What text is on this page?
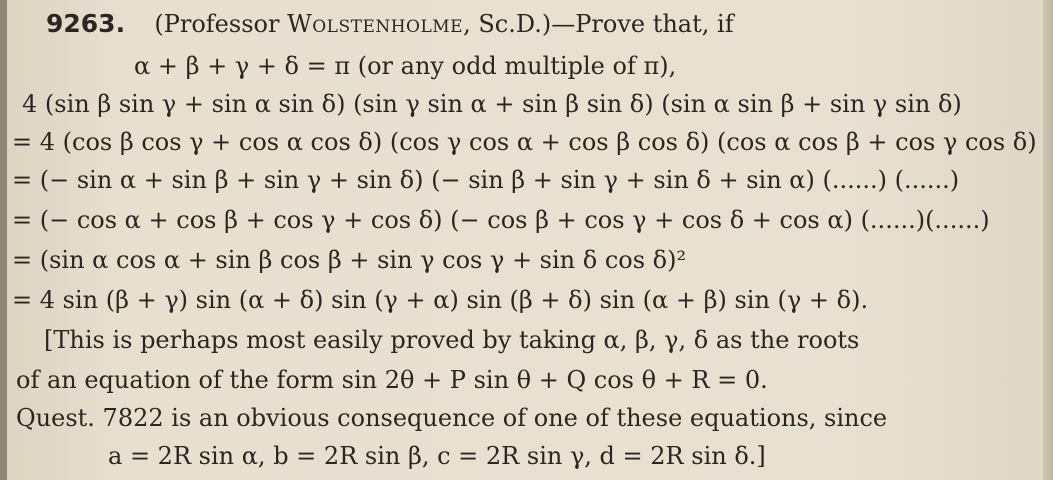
9263. (Professor Wolstenholme, Sc.D.)—Prove that, if
α + β + γ + δ = π (or any odd multiple of π),
4 (sin β sin γ + sin α sin δ) (sin γ sin α + sin β sin δ) (sin α sin β + sin γ sin δ)
= 4 (cos β cos γ + cos α cos δ) (cos γ cos α + cos β cos δ) (cos α cos β + cos γ cos δ)
= (− sin α + sin β + sin γ + sin δ) (− sin β + sin γ + sin δ + sin α) (......) (......)
= (− cos α + cos β + cos γ + cos δ) (− cos β + cos γ + cos δ + cos α) (......)(......)
= (sin α cos α + sin β cos β + sin γ cos γ + sin δ cos δ)²
= 4 sin (β + γ) sin (α + δ) sin (γ + α) sin (β + δ) sin (α + β) sin (γ + δ).
[This is perhaps most easily proved by taking α, β, γ, δ as the roots
of an equation of the form sin 2θ + P sin θ + Q cos θ + R = 0.
Quest. 7822 is an obvious consequence of one of these equations, since
a = 2R sin α, b = 2R sin β, c = 2R sin γ, d = 2R sin δ.]
